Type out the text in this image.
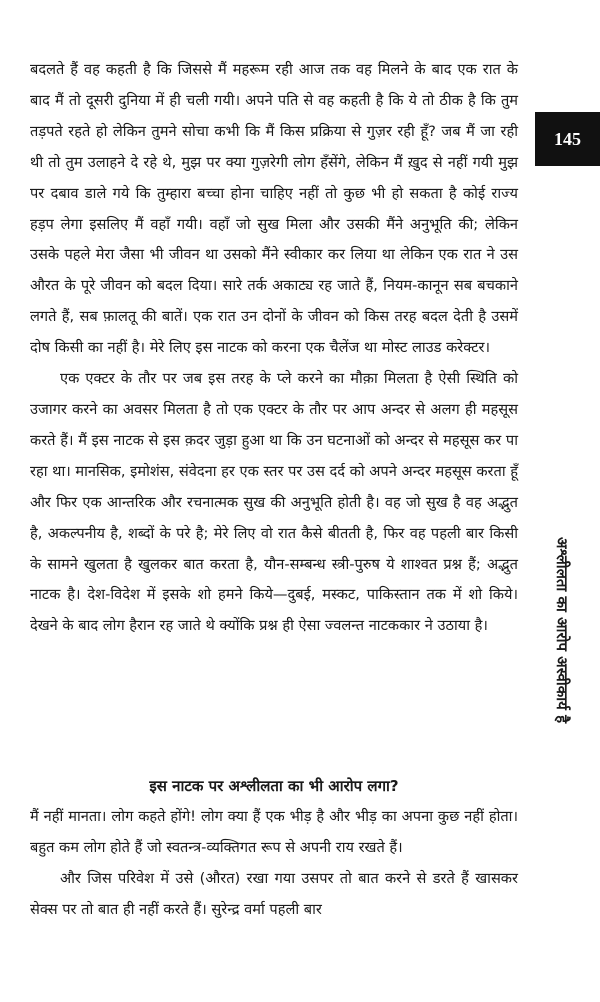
145
अश्लीलता का आरोप अस्वीकार्य है

बदलते हैं वह कहती है कि जिससे मैं महरूम रही आज तक वह मिलने के बाद एक रात के बाद मैं तो दूसरी दुनिया में ही चली गयी। अपने पति से वह कहती है कि ये तो ठीक है कि तुम तड़पते रहते हो लेकिन तुमने सोचा कभी कि मैं किस प्रक्रिया से गुज़र रही हूँ? जब मैं जा रही थी तो तुम उलाहने दे रहे थे, मुझ पर क्या गुज़रेगी लोग हँसेंगे, लेकिन मैं ख़ुद से नहीं गयी मुझ पर दबाव डाले गये कि तुम्हारा बच्चा होना चाहिए नहीं तो कुछ भी हो सकता है कोई राज्य हड़प लेगा इसलिए मैं वहाँ गयी। वहाँ जो सुख मिला और उसकी मैंने अनुभूति की; लेकिन उसके पहले मेरा जैसा भी जीवन था उसको मैंने स्वीकार कर लिया था लेकिन एक रात ने उस औरत के पूरे जीवन को बदल दिया। सारे तर्क अकाट्य रह जाते हैं, नियम-कानून सब बचकाने लगते हैं, सब फ़ालतू की बातें। एक रात उन दोनों के जीवन को किस तरह बदल देती है उसमें दोष किसी का नहीं है। मेरे लिए इस नाटक को करना एक चैलेंज था मोस्ट लाउड करेक्टर।

एक एक्टर के तौर पर जब इस तरह के प्ले करने का मौक़ा मिलता है ऐसी स्थिति को उजागर करने का अवसर मिलता है तो एक एक्टर के तौर पर आप अन्दर से अलग ही महसूस करते हैं। मैं इस नाटक से इस क़दर जुड़ा हुआ था कि उन घटनाओं को अन्दर से महसूस कर पा रहा था। मानसिक, इमोशंस, संवेदना हर एक स्तर पर उस दर्द को अपने अन्दर महसूस करता हूँ और फिर एक आन्तरिक और रचनात्मक सुख की अनुभूति होती है। वह जो सुख है वह अद्भुत है, अकल्पनीय है, शब्दों के परे है; मेरे लिए वो रात कैसे बीतती है, फिर वह पहली बार किसी के सामने खुलता है खुलकर बात करता है, यौन-सम्बन्ध स्त्री-पुरुष ये शाश्वत प्रश्न हैं; अद्भुत नाटक है। देश-विदेश में इसके शो हमने किये—दुबई, मस्कट, पाकिस्तान तक में शो किये। देखने के बाद लोग हैरान रह जाते थे क्योंकि प्रश्न ही ऐसा ज्वलन्त नाटककार ने उठाया है।

इस नाटक पर अश्लीलता का भी आरोप लगा?

मैं नहीं मानता। लोग कहते होंगे! लोग क्या हैं एक भीड़ है और भीड़ का अपना कुछ नहीं होता। बहुत कम लोग होते हैं जो स्वतन्त्र-व्यक्तिगत रूप से अपनी राय रखते हैं।

और जिस परिवेश में उसे (औरत) रखा गया उसपर तो बात करने से डरते हैं खासकर सेक्स पर तो बात ही नहीं करते हैं। सुरेन्द्र वर्मा पहली बार
